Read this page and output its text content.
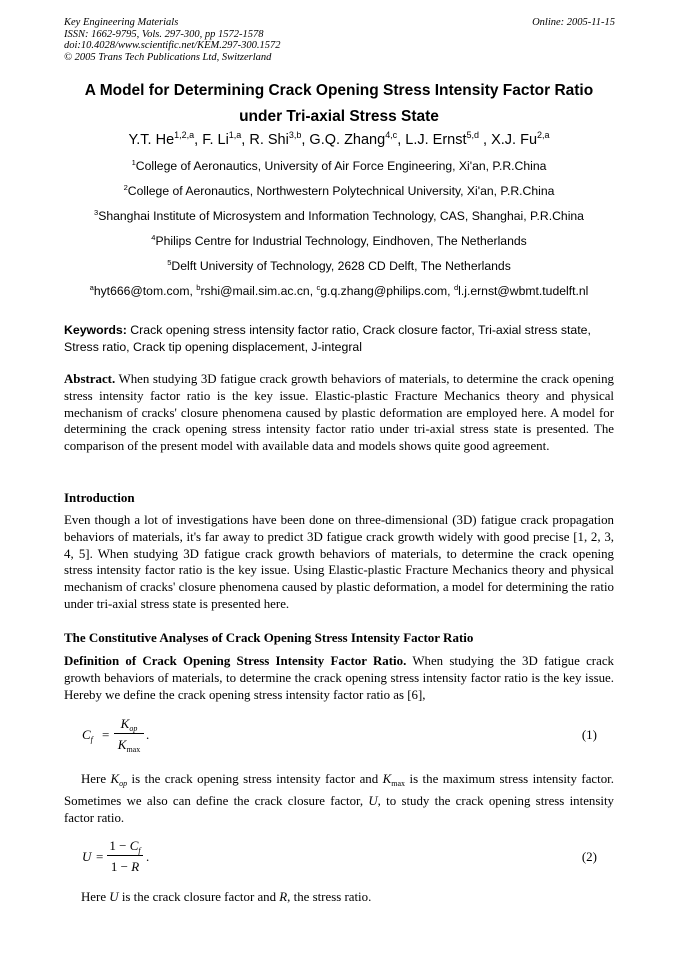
Key Engineering Materials
ISSN: 1662-9795, Vols. 297-300, pp 1572-1578
doi:10.4028/www.scientific.net/KEM.297-300.1572
© 2005 Trans Tech Publications Ltd, Switzerland
Online: 2005-11-15
A Model for Determining Crack Opening Stress Intensity Factor Ratio
under Tri-axial Stress State
Y.T. He$^{1,2,a}$, F. Li$^{1,a}$, R. Shi$^{3,b}$, G.Q. Zhang$^{4,c}$, L.J. Ernst$^{5,d}$ , X.J. Fu$^{2,a}$
$^1$College of Aeronautics, University of Air Force Engineering, Xi'an, P.R.China
$^2$College of Aeronautics, Northwestern Polytechnical University, Xi'an, P.R.China
$^3$Shanghai Institute of Microsystem and Information Technology, CAS, Shanghai, P.R.China
$^4$Philips Centre for Industrial Technology, Eindhoven, The Netherlands
$^5$Delft University of Technology, 2628 CD Delft, The Netherlands
$^a$hyt666@tom.com, $^b$rshi@mail.sim.ac.cn, $^c$g.q.zhang@philips.com, $^d$l.j.ernst@wbmt.tudelft.nl
Keywords: Crack opening stress intensity factor ratio, Crack closure factor, Tri-axial stress state, Stress ratio, Crack tip opening displacement, J-integral
Abstract. When studying 3D fatigue crack growth behaviors of materials, to determine the crack opening stress intensity factor ratio is the key issue. Elastic-plastic Fracture Mechanics theory and physical mechanism of cracks' closure phenomena caused by plastic deformation are employed here. A model for determining the crack opening stress intensity factor ratio under tri-axial stress state is presented. The comparison of the present model with available data and models shows quite good agreement.
Introduction
Even though a lot of investigations have been done on three-dimensional (3D) fatigue crack propagation behaviors of materials, it's far away to predict 3D fatigue crack growth widely with good precise [1, 2, 3, 4, 5]. When studying 3D fatigue crack growth behaviors of materials, to determine the crack opening stress intensity factor ratio is the key issue. Using Elastic-plastic Fracture Mechanics theory and physical mechanism of cracks' closure phenomena caused by plastic deformation, a model for determining the ratio under tri-axial stress state is presented here.
The Constitutive Analyses of Crack Opening Stress Intensity Factor Ratio
Definition of Crack Opening Stress Intensity Factor Ratio. When studying the 3D fatigue crack growth behaviors of materials, to determine the crack opening stress intensity factor ratio is the key issue. Hereby we define the crack opening stress intensity factor ratio as [6],
$C_f$ =
$K_{op}$
$K_{max}$
.	(1)
Here $K_{op}$ is the crack opening stress intensity factor and $K_{max}$ is the maximum stress intensity factor. Sometimes we also can define the crack closure factor, U, to study the crack opening stress intensity factor ratio.
U =
$1 - C_f$
1 − R
.	(2)
Here U is the crack closure factor and R, the stress ratio.
